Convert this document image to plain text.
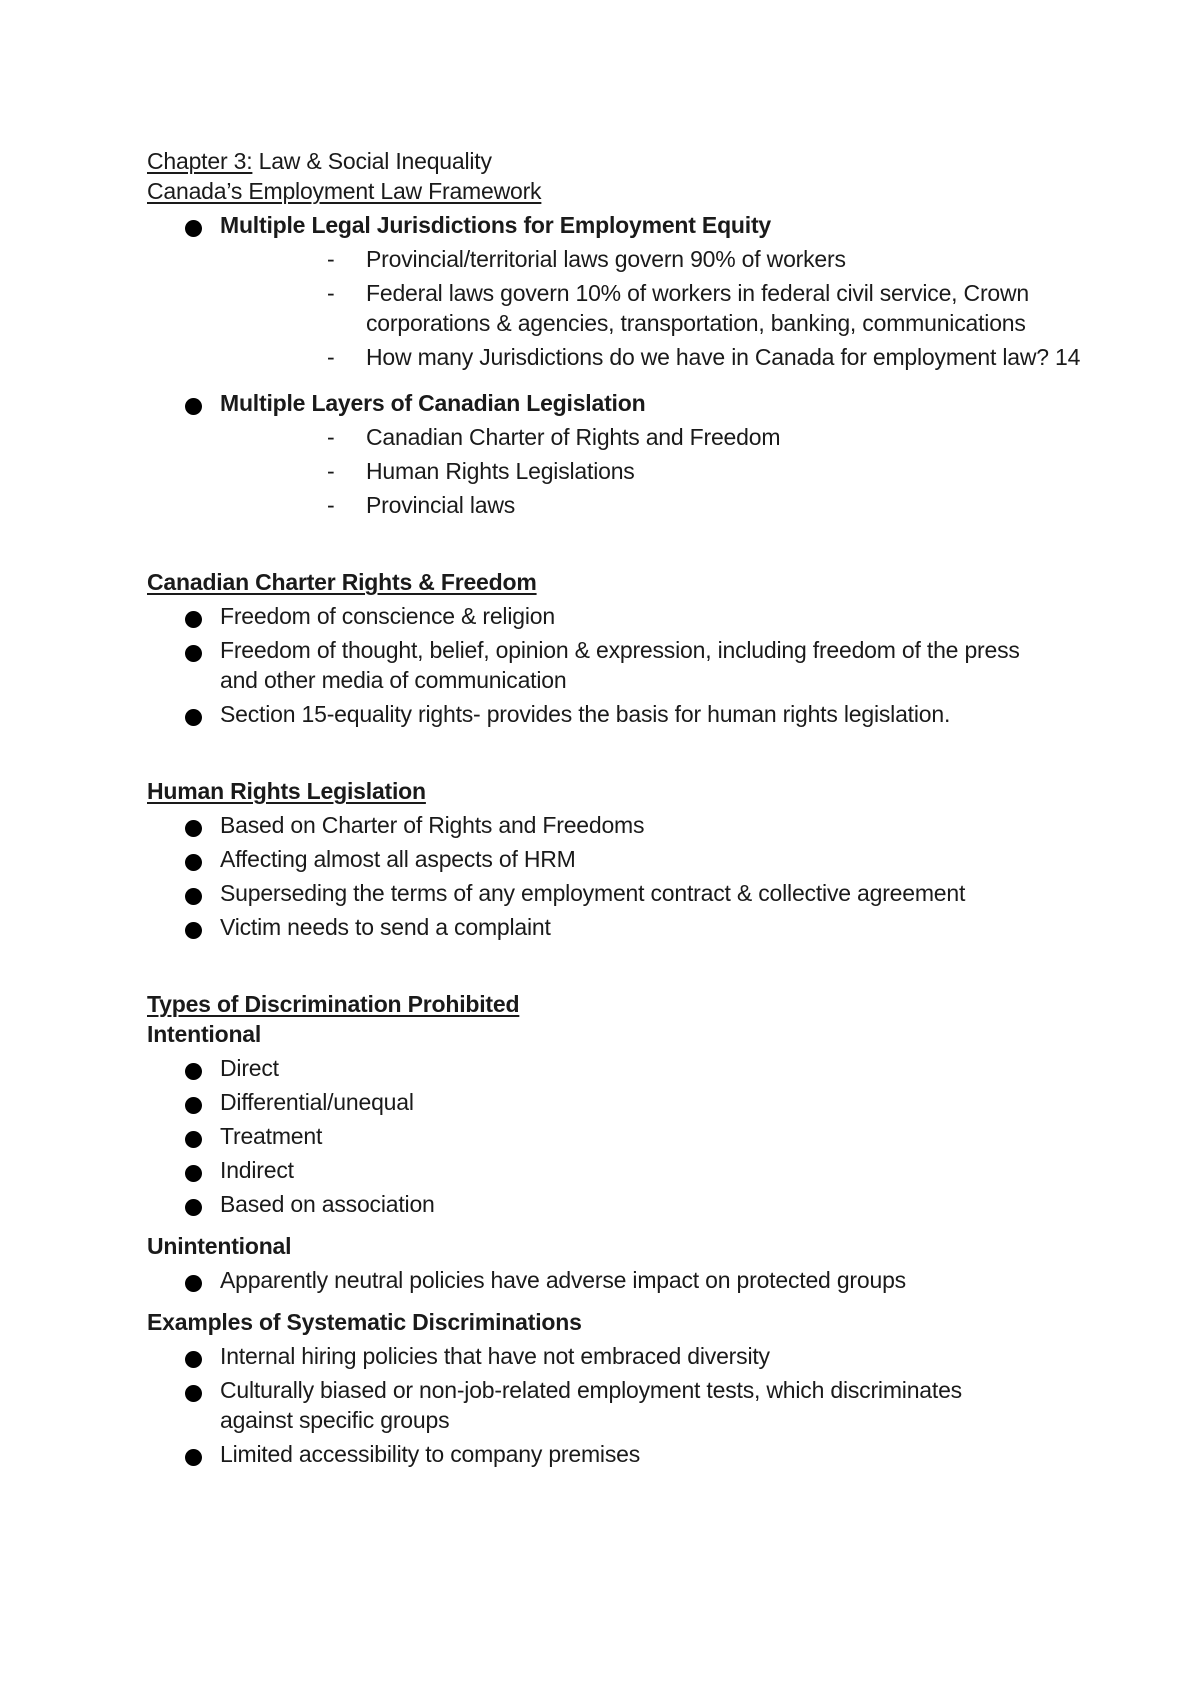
Chapter 3: Law & Social Inequality

Canada’s Employment Law Framework

Multiple Legal Jurisdictions for Employment Equity
- Provincial/territorial laws govern 90% of workers
- Federal laws govern 10% of workers in federal civil service, Crown
corporations & agencies, transportation, banking, communications
- How many Jurisdictions do we have in Canada for employment law? 14
Multiple Layers of Canadian Legislation
- Canadian Charter of Rights and Freedom
- Human Rights Legislations
- Provincial laws

Canadian Charter Rights & Freedom

Freedom of conscience & religion
Freedom of thought, belief, opinion & expression, including freedom of the press
and other media of communication
Section 15-equality rights- provides the basis for human rights legislation.

Human Rights Legislation

Based on Charter of Rights and Freedoms
Affecting almost all aspects of HRM
Superseding the terms of any employment contract & collective agreement
Victim needs to send a complaint

Types of Discrimination Prohibited

Intentional

Direct
Differential/unequal
Treatment
Indirect
Based on association

Unintentional

Apparently neutral policies have adverse impact on protected groups

Examples of Systematic Discriminations

Internal hiring policies that have not embraced diversity
Culturally biased or non-job-related employment tests, which discriminates
against specific groups
Limited accessibility to company premises
